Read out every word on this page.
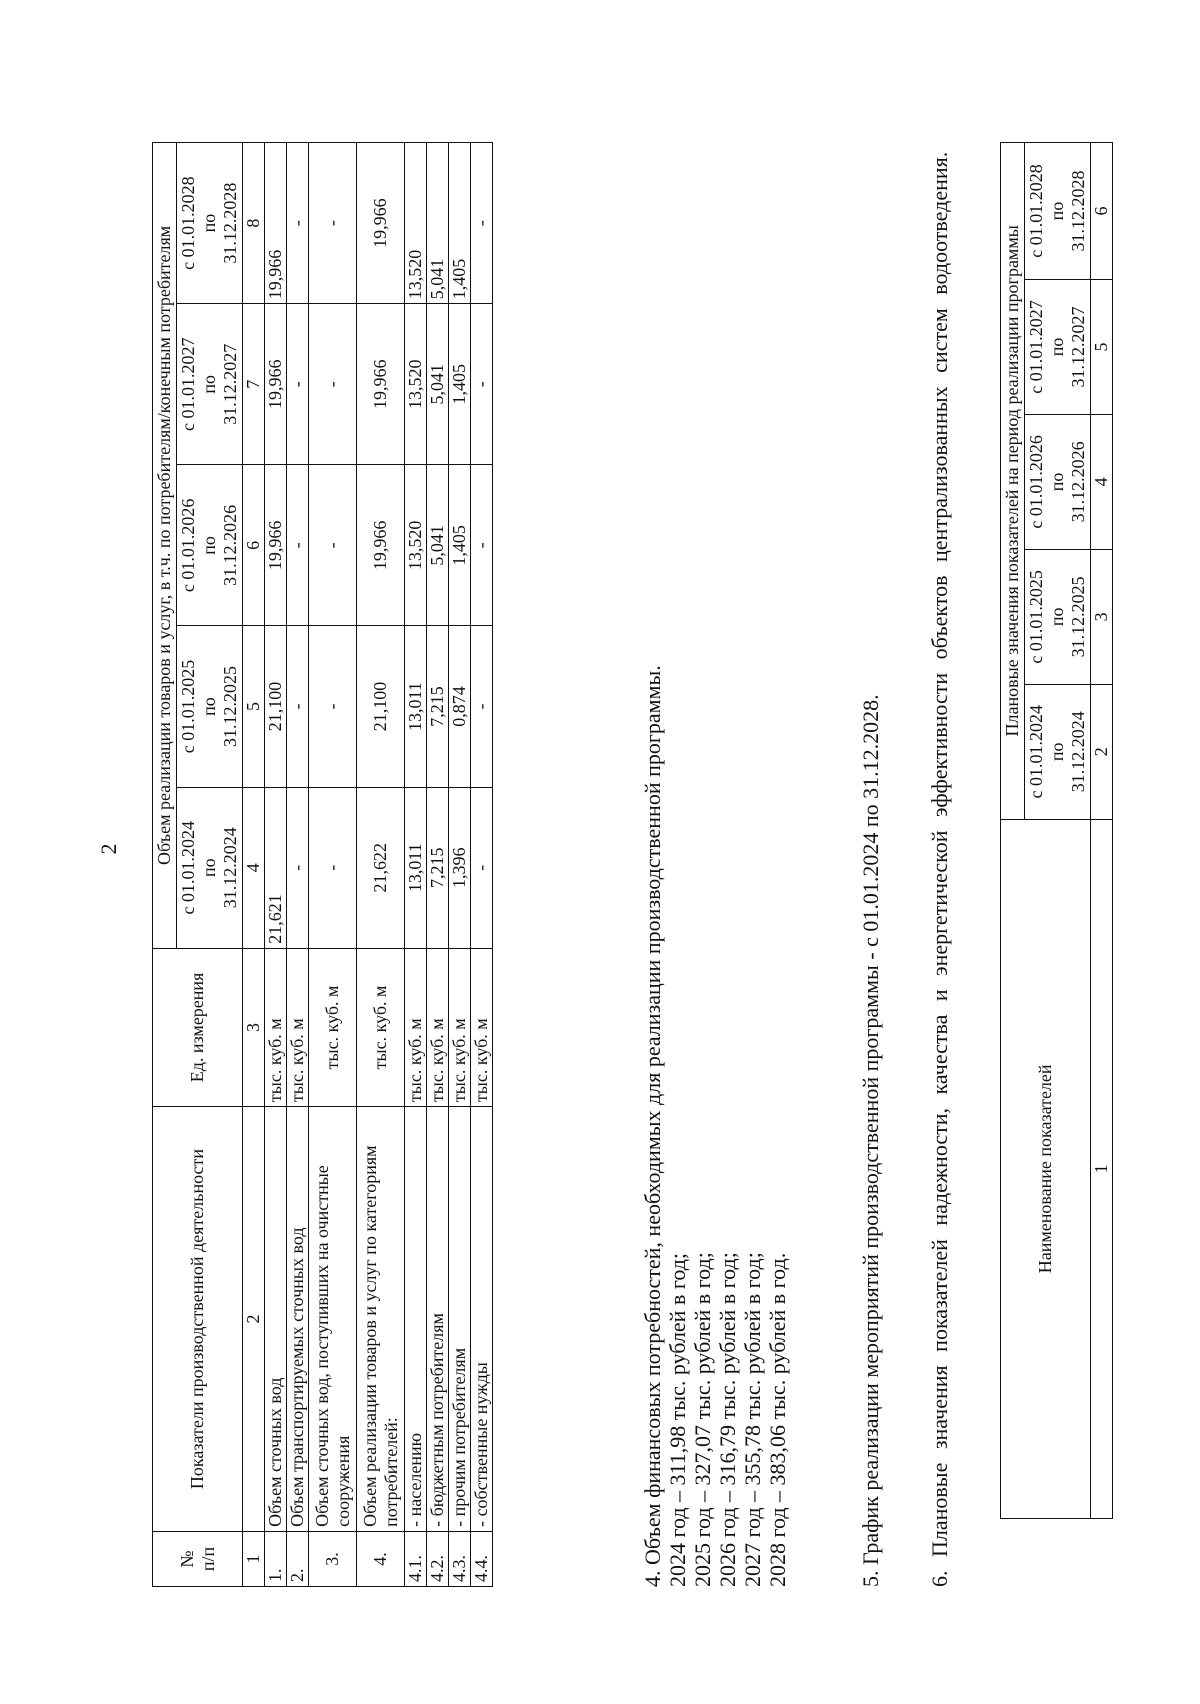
2
№
п/п	Показатели производственной деятельности	Ед. измерения	Объем реализации товаров и услуг, в т.ч. по потребителям/конечным потребителям				
			с 01.01.2024
по
31.12.2024	с 01.01.2025
по
31.12.2025	с 01.01.2026
по
31.12.2026	с 01.01.2027
по
31.12.2027	с 01.01.2028
по
31.12.2028
1	2	3	4	5	6	7	8
1.	Объем сточных вод	тыс. куб. м	21,621	21,100	19,966	19,966	19,966
2.	Объем транспортируемых сточных вод	тыс. куб. м	-	-	-	-	-
3.	Объем сточных вод, поступивших на очистные сооружения	тыс. куб. м	-	-	-	-	-
4.	Объем реализации товаров и услуг по категориям потребителей:	тыс. куб. м	21,622	21,100	19,966	19,966	19,966
4.1.	- населению	тыс. куб. м	13,011	13,011	13,520	13,520	13,520
4.2.	- бюджетным потребителям	тыс. куб. м	7,215	7,215	5,041	5,041	5,041
4.3.	- прочим потребителям	тыс. куб. м	1,396	0,874	1,405	1,405	1,405
4.4.	- собственные нужды	тыс. куб. м	-	-	-	-	-
4. Объем финансовых потребностей, необходимых для реализации производственной программы. 2024 год – 311,98 тыс. рублей в год; 2025 год – 327,07 тыс. рублей в год; 2026 год – 316,79 тыс. рублей в год; 2027 год – 355,78 тыс. рублей в год; 2028 год – 383,06 тыс. рублей в год.	5. График реализации мероприятий производственной программы - с 01.01.2024 по 31.12.2028. 6. Плановые значения показателей надежности, качества и энергетической эффективности объектов централизованных систем водоотведения.	Наименование показателей	Плановые значения показателей на период реализации программы				
	с 01.01.2024
по
31.12.2024	с 01.01.2025
по
31.12.2025	с 01.01.2026
по
31.12.2026	с 01.01.2027
по
31.12.2027	с 01.01.2028
по
31.12.2028
1	2	3	4	5	6
